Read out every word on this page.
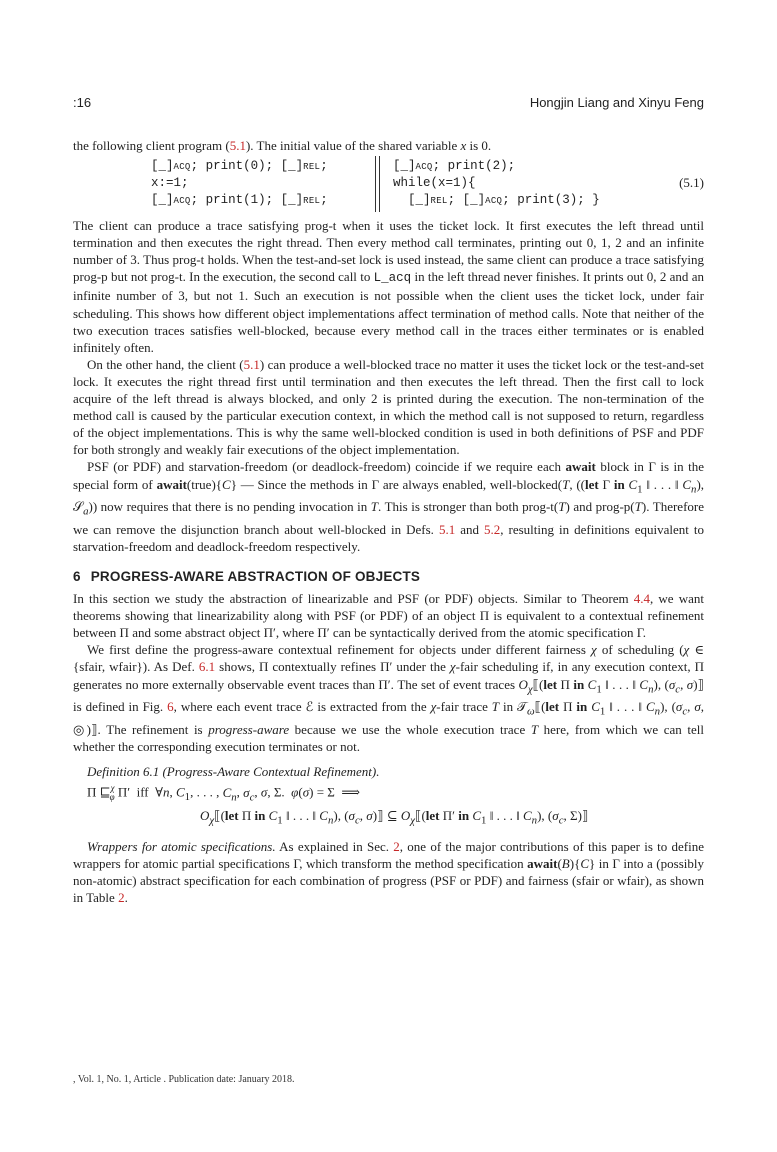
:16	Hongjin Liang and Xinyu Feng

the following client program (5.1). The initial value of the shared variable x is 0.

[_]ACQ; print(0); [_]REL;
x:=1;
[_]ACQ; print(1); [_]REL;
[_]ACQ; print(2);
while(x=1){
[_]REL; [_]ACQ; print(3); }
(5.1)

The client can produce a trace satisfying prog-t when it uses the ticket lock. It first executes the left thread until termination and then executes the right thread. Then every method call terminates, printing out 0, 1, 2 and an infinite number of 3. Thus prog-t holds. When the test-and-set lock is used instead, the same client can produce a trace satisfying prog-p but not prog-t. In the execution, the second call to L_acq in the left thread never finishes. It prints out 0, 2 and an infinite number of 3, but not 1. Such an execution is not possible when the client uses the ticket lock, under fair scheduling. This shows how different object implementations affect termination of method calls. Note that neither of the two execution traces satisfies well-blocked, because every method call in the traces either terminates or is enabled infinitely often.

On the other hand, the client (5.1) can produce a well-blocked trace no matter it uses the ticket lock or the test-and-set lock. It executes the right thread first until termination and then executes the left thread. Then the first call to lock acquire of the left thread is always blocked, and only 2 is printed during the execution. The non-termination of the method call is caused by the particular execution context, in which the method call is not supposed to return, regardless of the object implementations. This is why the same well-blocked condition is used in both definitions of PSF and PDF for both strongly and weakly fair executions of the object implementation.

PSF (or PDF) and starvation-freedom (or deadlock-freedom) coincide if we require each await block in Γ is in the special form of await(true){C} — Since the methods in Γ are always enabled, well-blocked(T, ((let Γ in $C_1$ ‖ . . . ‖ $C_n$), 𝒮$_a$)) now requires that there is no pending invocation in T. This is stronger than both prog-t(T) and prog-p(T). Therefore we can remove the disjunction branch about well-blocked in Defs. 5.1 and 5.2, resulting in definitions equivalent to starvation-freedom and deadlock-freedom respectively.

6 PROGRESS-AWARE ABSTRACTION OF OBJECTS

In this section we study the abstraction of linearizable and PSF (or PDF) objects. Similar to Theorem 4.4, we want theorems showing that linearizability along with PSF (or PDF) of an object Π is equivalent to a contextual refinement between Π and some abstract object Π′, where Π′ can be syntactically derived from the atomic specification Γ.

We first define the progress-aware contextual refinement for objects under different fairness χ of scheduling (χ ∈ {sfair, wfair}). As Def. 6.1 shows, Π contextually refines Π′ under the χ-fair scheduling if, in any execution context, Π generates no more externally observable event traces than Π′. The set of event traces $O_\chi⟦(let$ Π in $C_1$ ‖ . . . ‖ $C_n$), ($\sigma_c$, σ)⟧ is defined in Fig. 6, where each event trace ℰ is extracted from the χ-fair trace T in 𝒯$_\omega$⟦(let Π in $C_1$ ‖ . . . ‖ $C_n$), ($\sigma_c$, σ, ◎)⟧. The refinement is progress-aware because we use the whole execution trace T here, from which we can tell whether the corresponding execution terminates or not.

Definition 6.1 (Progress-Aware Contextual Refinement).

Π ⊑$^\chi_\varphi$ Π′  iff  ∀n, $C_1$, . . . , $C_n$, $\sigma_c$, σ, Σ.  φ(σ) = Σ  ⟹
$O_\chi⟦(let$ Π in $C_1$ ‖ . . . ‖ $C_n$), ($\sigma_c$, σ)⟧ ⊆ $O_\chi⟦(let$ Π′ in $C_1$ ‖ . . . ‖ $C_n$), ($\sigma_c$, Σ)⟧

Wrappers for atomic specifications. As explained in Sec. 2, one of the major contributions of this paper is to define wrappers for atomic partial specifications Γ, which transform the method specification await(B){C} in Γ into a (possibly non-atomic) abstract specification for each combination of progress (PSF or PDF) and fairness (sfair or wfair), as shown in Table 2.

, Vol. 1, No. 1, Article . Publication date: January 2018.
